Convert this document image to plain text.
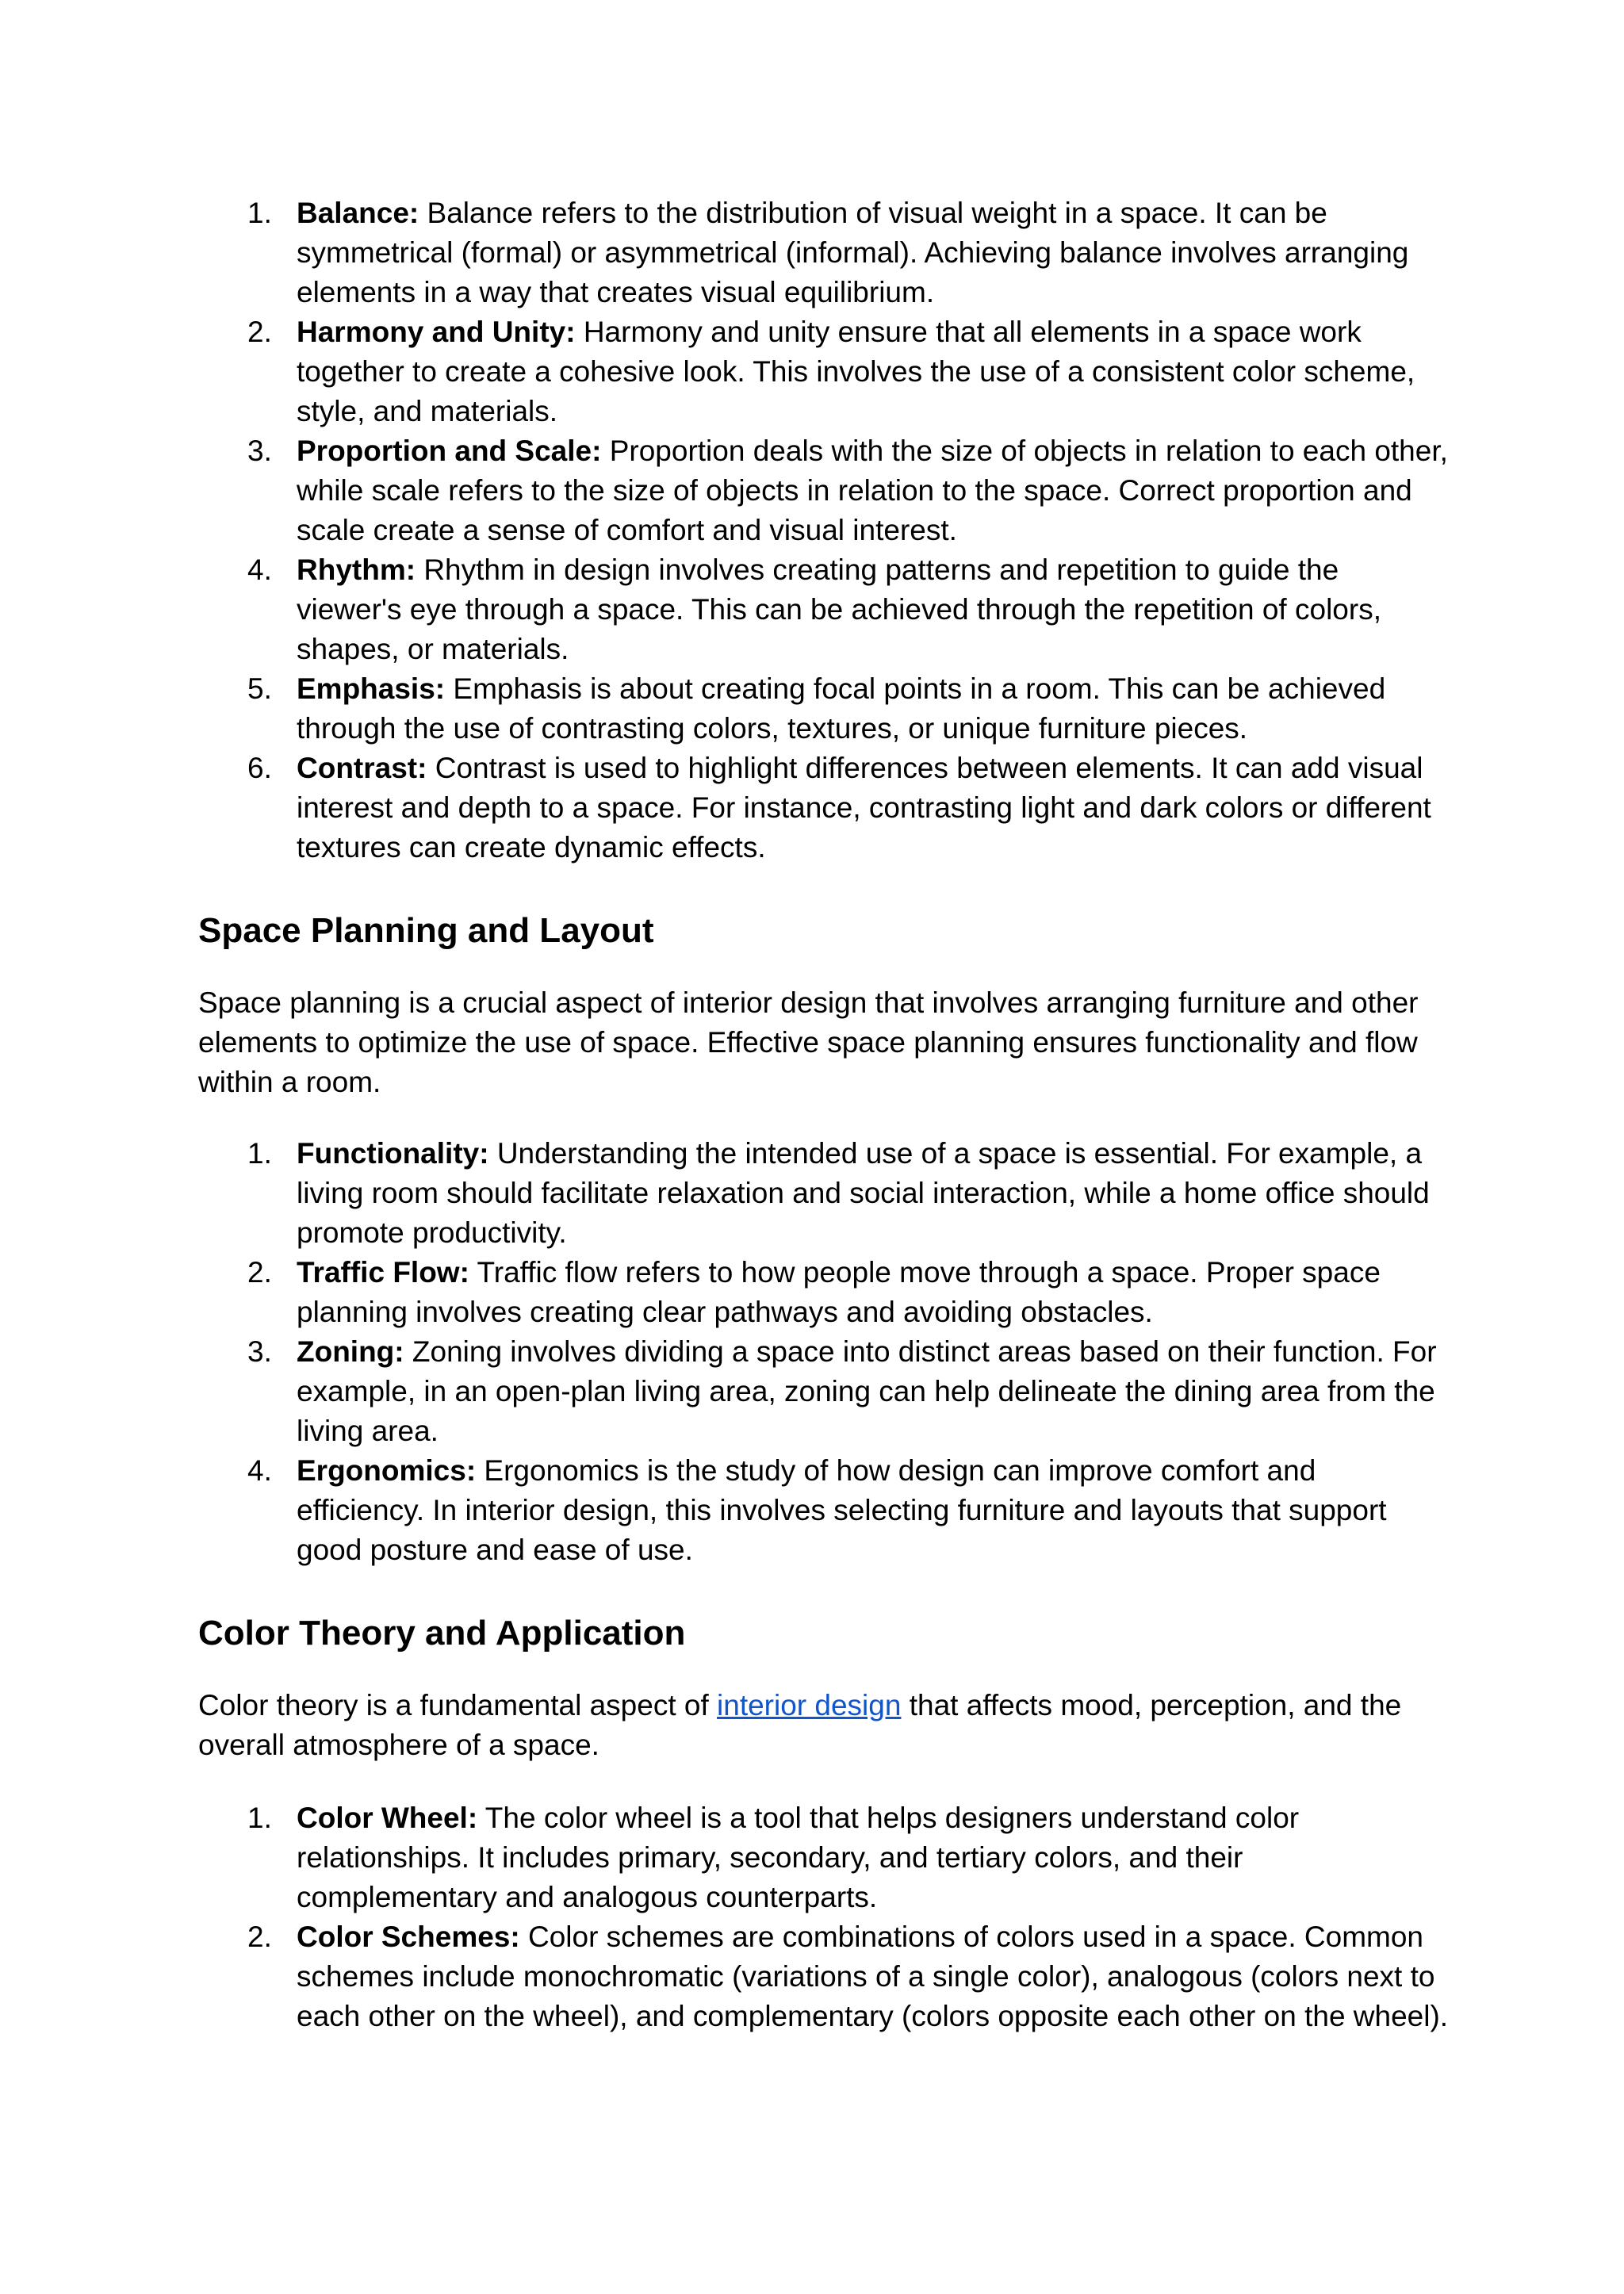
1. Balance: Balance refers to the distribution of visual weight in a space. It can be symmetrical (formal) or asymmetrical (informal). Achieving balance involves arranging elements in a way that creates visual equilibrium.
2. Harmony and Unity: Harmony and unity ensure that all elements in a space work together to create a cohesive look. This involves the use of a consistent color scheme, style, and materials.
3. Proportion and Scale: Proportion deals with the size of objects in relation to each other, while scale refers to the size of objects in relation to the space. Correct proportion and scale create a sense of comfort and visual interest.
4. Rhythm: Rhythm in design involves creating patterns and repetition to guide the viewer's eye through a space. This can be achieved through the repetition of colors, shapes, or materials.
5. Emphasis: Emphasis is about creating focal points in a room. This can be achieved through the use of contrasting colors, textures, or unique furniture pieces.
6. Contrast: Contrast is used to highlight differences between elements. It can add visual interest and depth to a space. For instance, contrasting light and dark colors or different textures can create dynamic effects.
Space Planning and Layout

Space planning is a crucial aspect of interior design that involves arranging furniture and other elements to optimize the use of space. Effective space planning ensures functionality and flow within a room.

1. Functionality: Understanding the intended use of a space is essential. For example, a living room should facilitate relaxation and social interaction, while a home office should promote productivity.
2. Traffic Flow: Traffic flow refers to how people move through a space. Proper space planning involves creating clear pathways and avoiding obstacles.
3. Zoning: Zoning involves dividing a space into distinct areas based on their function. For example, in an open-plan living area, zoning can help delineate the dining area from the living area.
4. Ergonomics: Ergonomics is the study of how design can improve comfort and efficiency. In interior design, this involves selecting furniture and layouts that support good posture and ease of use.
Color Theory and Application

Color theory is a fundamental aspect of interior design that affects mood, perception, and the overall atmosphere of a space.

1. Color Wheel: The color wheel is a tool that helps designers understand color relationships. It includes primary, secondary, and tertiary colors, and their complementary and analogous counterparts.
2. Color Schemes: Color schemes are combinations of colors used in a space. Common schemes include monochromatic (variations of a single color), analogous (colors next to each other on the wheel), and complementary (colors opposite each other on the wheel).
